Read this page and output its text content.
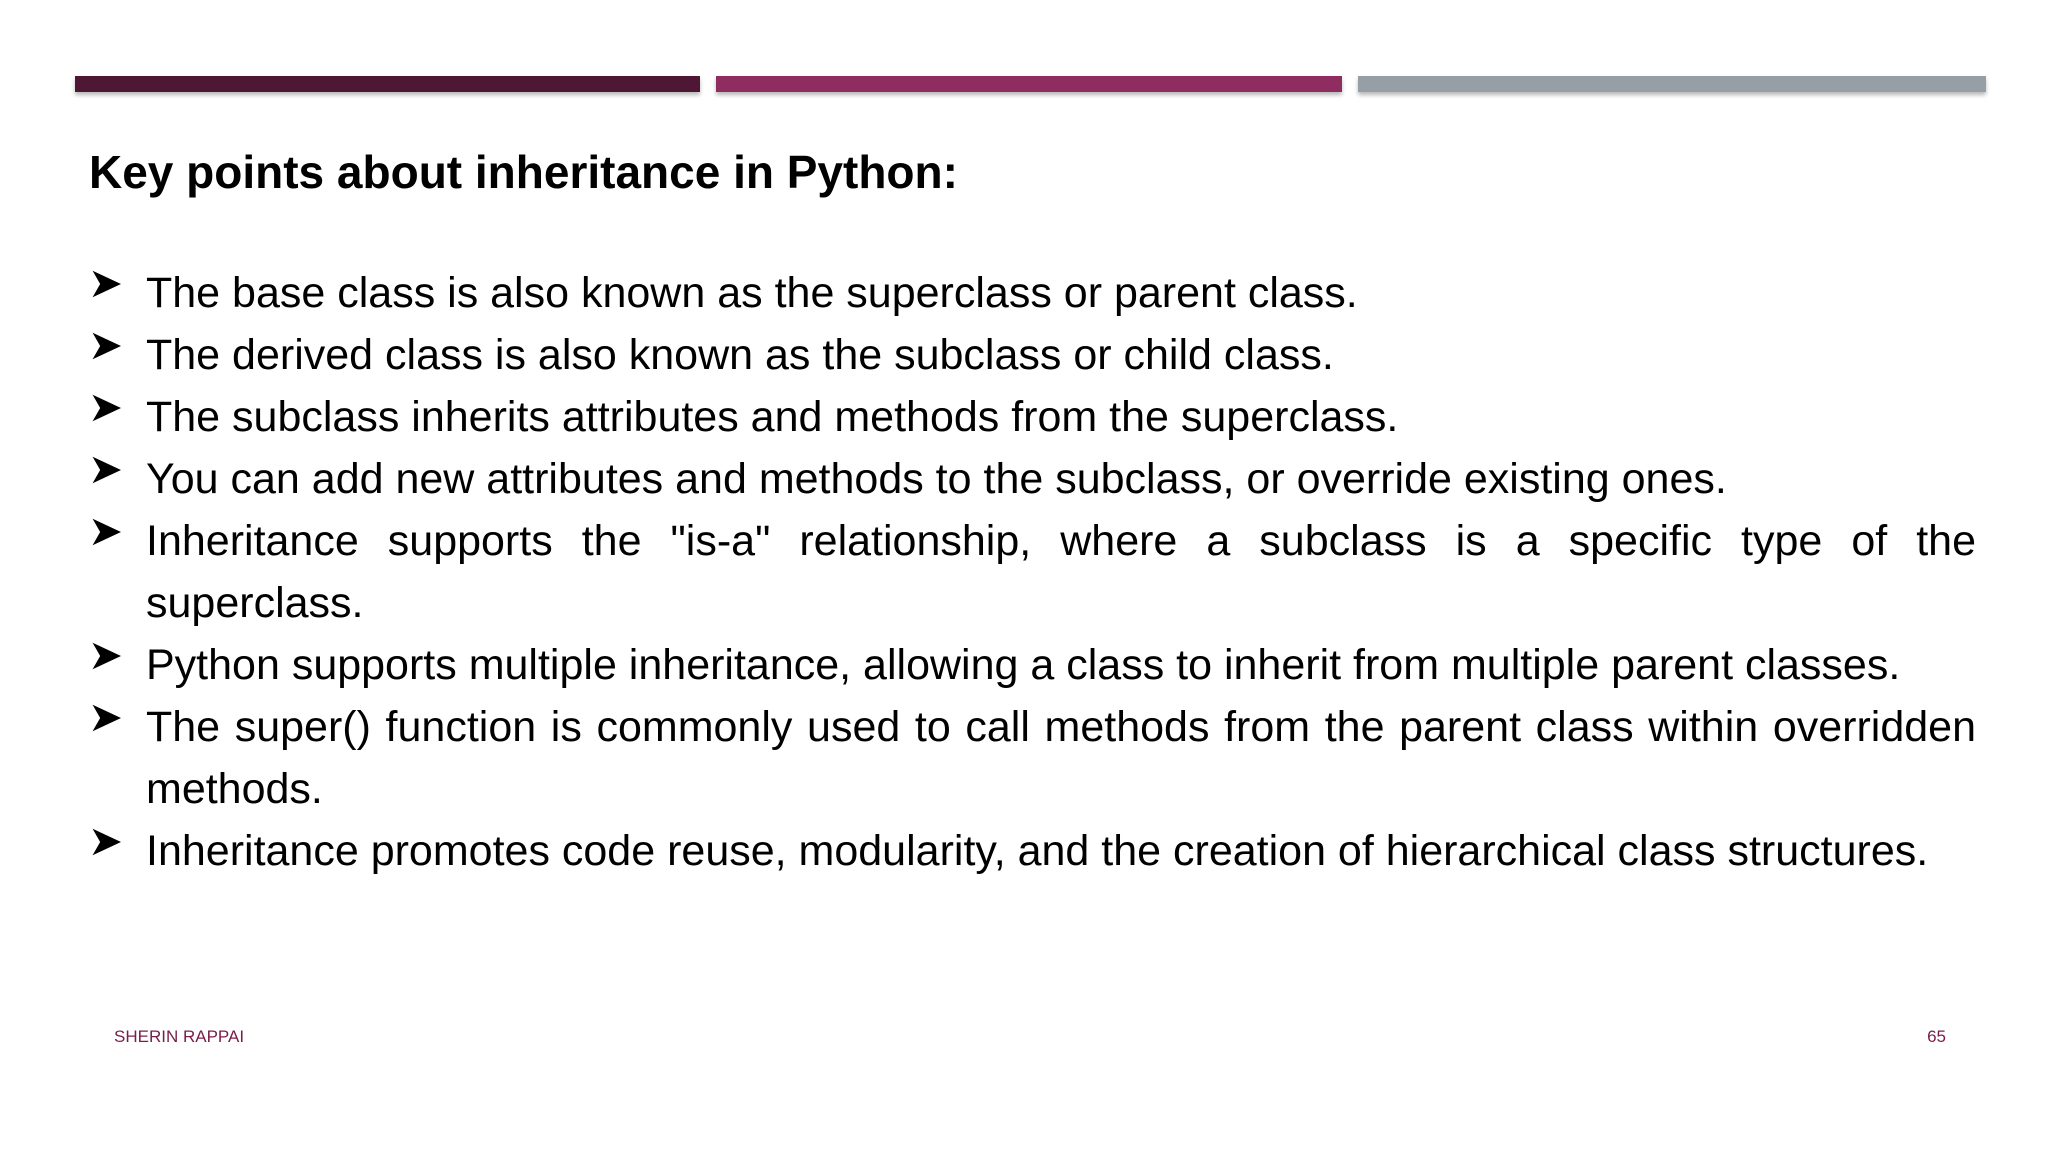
Key points about inheritance in Python:
The base class is also known as the superclass or parent class.
The derived class is also known as the subclass or child class.
The subclass inherits attributes and methods from the superclass.
You can add new attributes and methods to the subclass, or override existing ones.
Inheritance supports the "is-a" relationship, where a subclass is a specific type of the superclass.
Python supports multiple inheritance, allowing a class to inherit from multiple parent classes.
The super() function is commonly used to call methods from the parent class within overridden methods.
Inheritance promotes code reuse, modularity, and the creation of hierarchical class structures.
SHERIN RAPPAI	65
